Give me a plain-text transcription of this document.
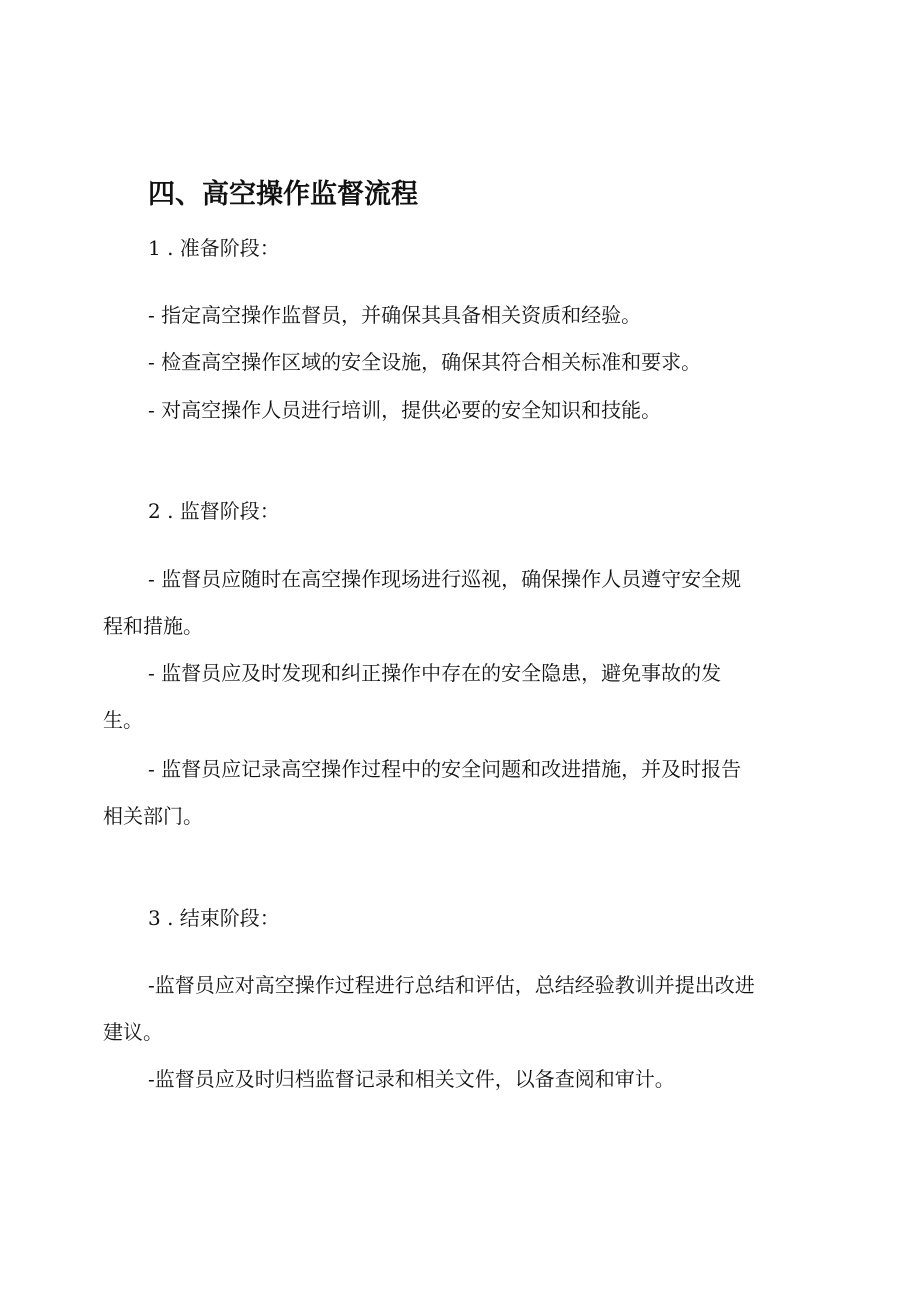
四、高空操作监督流程
1 . 准备阶段：
- 指定高空操作监督员，并确保其具备相关资质和经验。
- 检查高空操作区域的安全设施，确保其符合相关标准和要求。
- 对高空操作人员进行培训，提供必要的安全知识和技能。
2 . 监督阶段：
- 监督员应随时在高空操作现场进行巡视，确保操作人员遵守安全规
程和措施。
- 监督员应及时发现和纠正操作中存在的安全隐患，避免事故的发
生。
- 监督员应记录高空操作过程中的安全问题和改进措施，并及时报告
相关部门。
3 . 结束阶段：
-监督员应对高空操作过程进行总结和评估，总结经验教训并提出改进
建议。
-监督员应及时归档监督记录和相关文件，以备查阅和审计。
